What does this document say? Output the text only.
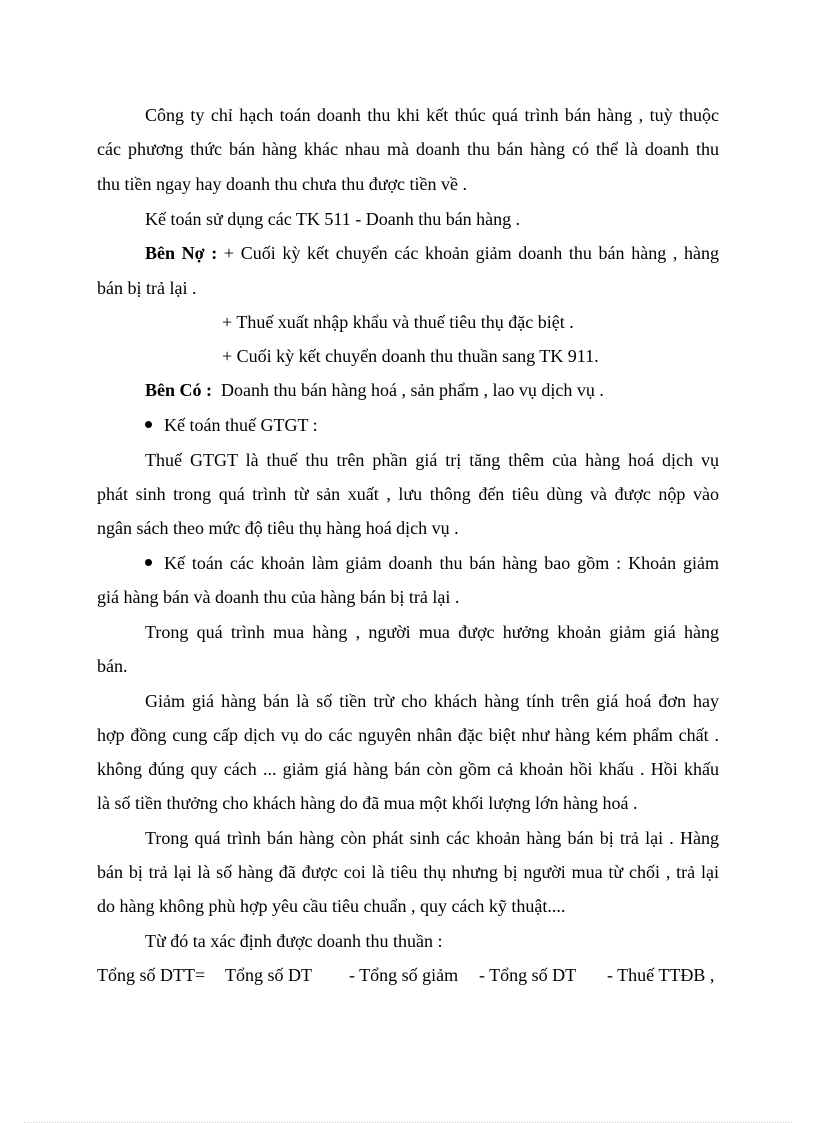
Công ty chỉ hạch toán doanh thu khi kết thúc quá trình bán hàng , tuỳ thuộc
các phương thức bán hàng khác nhau mà doanh thu bán hàng có thể là doanh thu
thu tiền ngay hay doanh thu chưa thu được tiền về .
Kế toán sử dụng các TK 511 - Doanh thu bán hàng .
Bên Nợ : + Cuối kỳ kết chuyển các khoản giảm doanh thu bán hàng , hàng
bán bị trả lại .
+ Thuế xuất nhập khẩu và thuế tiêu thụ đặc biệt .
+ Cuối kỳ kết chuyển doanh thu thuần sang TK 911.
Bên Có :  Doanh thu bán hàng hoá , sản phẩm , lao vụ dịch vụ .
Kế toán thuế GTGT :
Thuế GTGT là thuế thu trên phần giá trị tăng thêm của hàng hoá dịch vụ
phát sinh trong quá trình từ sản xuất , lưu thông đến tiêu dùng và được nộp vào
ngân sách theo mức độ tiêu thụ hàng hoá dịch vụ .
Kế toán các khoản làm giảm doanh thu bán hàng bao gồm : Khoản giảm
giá hàng bán và doanh thu của hàng bán bị trả lại .
Trong quá trình mua hàng , người mua được hưởng khoản giảm giá hàng
bán.
Giảm giá hàng bán là số tiền trừ cho khách hàng tính trên giá hoá đơn hay
hợp đồng cung cấp dịch vụ do các nguyên nhân đặc biệt như hàng kém phẩm chất .
không đúng quy cách ... giảm giá hàng bán còn gồm cả khoản hồi khấu . Hồi khấu
là số tiền thưởng cho khách hàng do đã mua một khối lượng lớn hàng hoá .
Trong quá trình bán hàng còn phát sinh các khoản hàng bán bị trả lại . Hàng
bán bị trả lại là số hàng đã được coi là tiêu thụ nhưng bị người mua từ chối , trả lại
do hàng không phù hợp yêu cầu tiêu chuẩn , quy cách kỹ thuật....
Từ đó ta xác định được doanh thu thuần :
Tổng số DTT= Tổng số DT - Tổng số giảm - Tổng số DT - Thuế TTĐB ,
